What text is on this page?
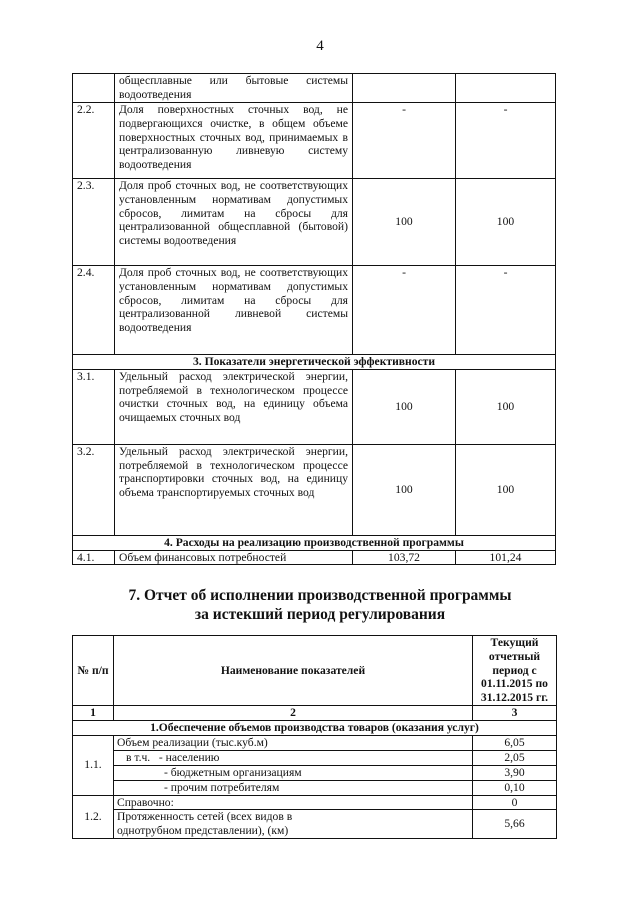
4
	общесплавные или бытовые системы водоотведения		
2.2.	Доля поверхностных сточных вод, не подвергающихся очистке, в общем объеме поверхностных сточных вод, принимаемых в централизованную ливневую систему водоотведения	-	-
2.3.	Доля проб сточных вод, не соответствующих установленным нормативам допустимых сбросов, лимитам на сбросы для централизованной общесплавной (бытовой) системы водоотведения	100	100
2.4.	Доля проб сточных вод, не соответствующих установленным нормативам допустимых сбросов, лимитам на сбросы для централизованной ливневой системы водоотведения	-	-
3. Показатели энергетической эффективности			
3.1.	Удельный расход электрической энергии, потребляемой в технологическом процессе очистки сточных вод, на единицу объема очищаемых сточных вод	100	100
3.2.	Удельный расход электрической энергии, потребляемой в технологическом процессе транспортировки сточных вод, на единицу объема транспортируемых сточных вод	100	100
4. Расходы на реализацию производственной программы			
4.1.	Объем финансовых потребностей	103,72	101,24
7. Отчет об исполнении производственной программы
за истекший период регулирования
№ п/п	Наименование показателей	Текущий отчетный период с 01.11.2015 по 31.12.2015 гг.
1	2	3
1.Обеспечение объемов производства товаров (оказания услуг)		
1.1.	Объем реализации (тыс.куб.м)	6,05
	в т.ч.   - населению	2,05
	- бюджетным организациям	3,90
	- прочим потребителям	0,10
1.2.	Справочно:	0
	Протяженность сетей (всех видов в однотрубном представлении), (км)	5,66
